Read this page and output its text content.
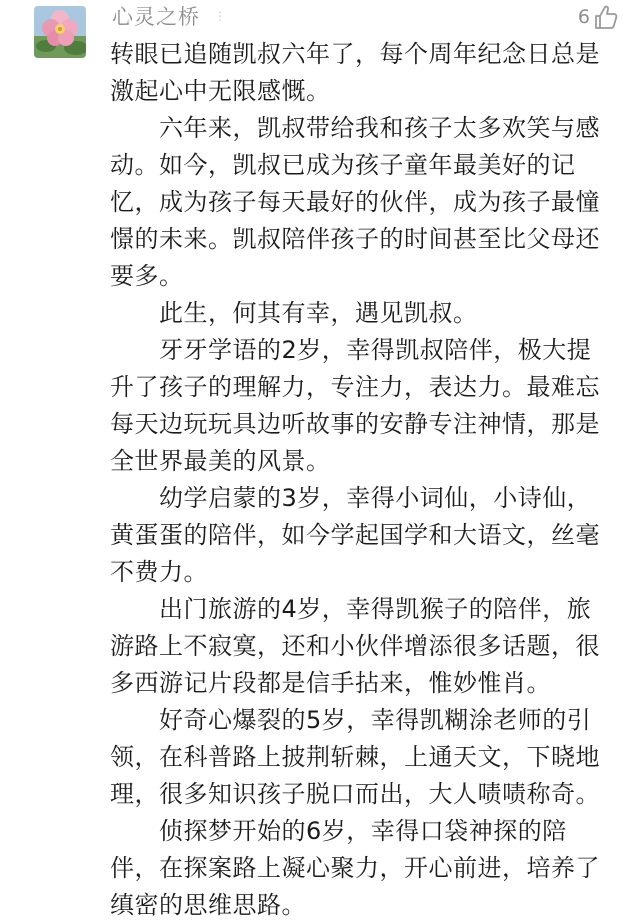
心灵之桥 ⋮	6

转眼已追随凯叔六年了，每个周年纪念日总是激起心中无限感慨。

六年来，凯叔带给我和孩子太多欢笑与感动。如今，凯叔已成为孩子童年最美好的记忆，成为孩子每天最好的伙伴，成为孩子最憧憬的未来。凯叔陪伴孩子的时间甚至比父母还要多。

此生，何其有幸，遇见凯叔。

牙牙学语的2岁，幸得凯叔陪伴，极大提升了孩子的理解力，专注力，表达力。最难忘每天边玩玩具边听故事的安静专注神情，那是全世界最美的风景。

幼学启蒙的3岁，幸得小词仙，小诗仙，黄蛋蛋的陪伴，如今学起国学和大语文，丝毫不费力。

出门旅游的4岁，幸得凯猴子的陪伴，旅游路上不寂寞，还和小伙伴增添很多话题，很多西游记片段都是信手拈来，惟妙惟肖。

好奇心爆裂的5岁，幸得凯糊涂老师的引领，在科普路上披荆斩棘，上通天文，下晓地理，很多知识孩子脱口而出，大人啧啧称奇。

侦探梦开始的6岁，幸得口袋神探的陪伴，在探案路上凝心聚力，开心前进，培养了缜密的思维思路。
